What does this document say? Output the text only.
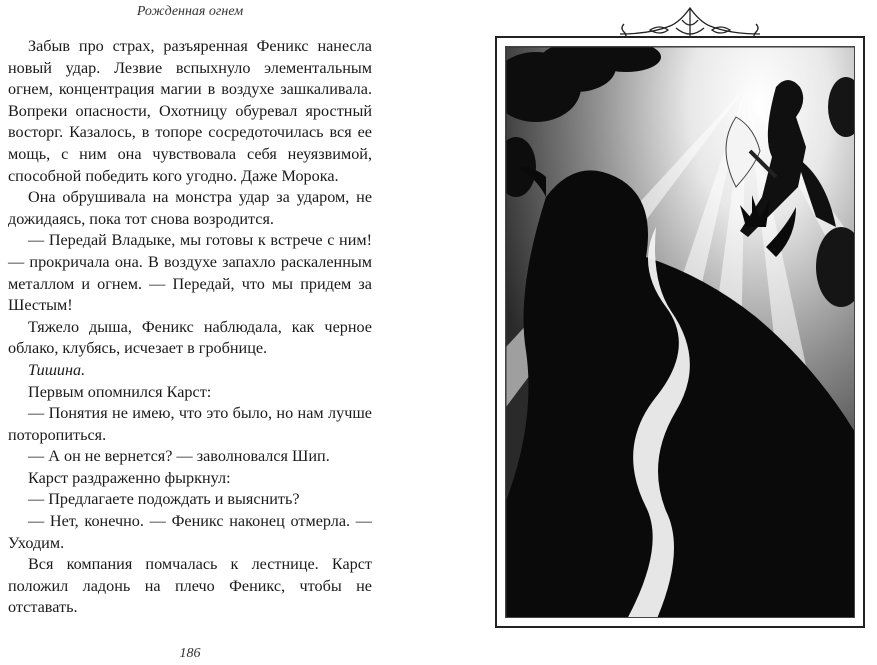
Рожденная огнем

Забыв про страх, разъяренная Феникс нанесла новый удар. Лезвие вспыхнуло элементальным огнем, концентрация магии в воздухе зашкаливала. Вопреки опасности, Охотницу обуревал яростный восторг. Казалось, в топоре сосредоточилась вся ее мощь, с ним она чувствовала себя неуязвимой, способной победить кого угодно. Даже Морока.

Она обрушивала на монстра удар за ударом, не дожидаясь, пока тот снова возродится.

— Передай Владыке, мы готовы к встрече с ним! — прокричала она. В воздухе запахло раскаленным металлом и огнем. — Передай, что мы придем за Шестым!

Тяжело дыша, Феникс наблюдала, как черное облако, клубясь, исчезает в гробнице.

Тишина.

Первым опомнился Карст:

— Понятия не имею, что это было, но нам лучше поторопиться.

— А он не вернется? — заволновался Шип.

Карст раздраженно фыркнул:

— Предлагаете подождать и выяснить?

— Нет, конечно. — Феникс наконец отмерла. — Уходим.

Вся компания помчалась к лестнице. Карст положил ладонь на плечо Феникс, чтобы не отставать.

186
